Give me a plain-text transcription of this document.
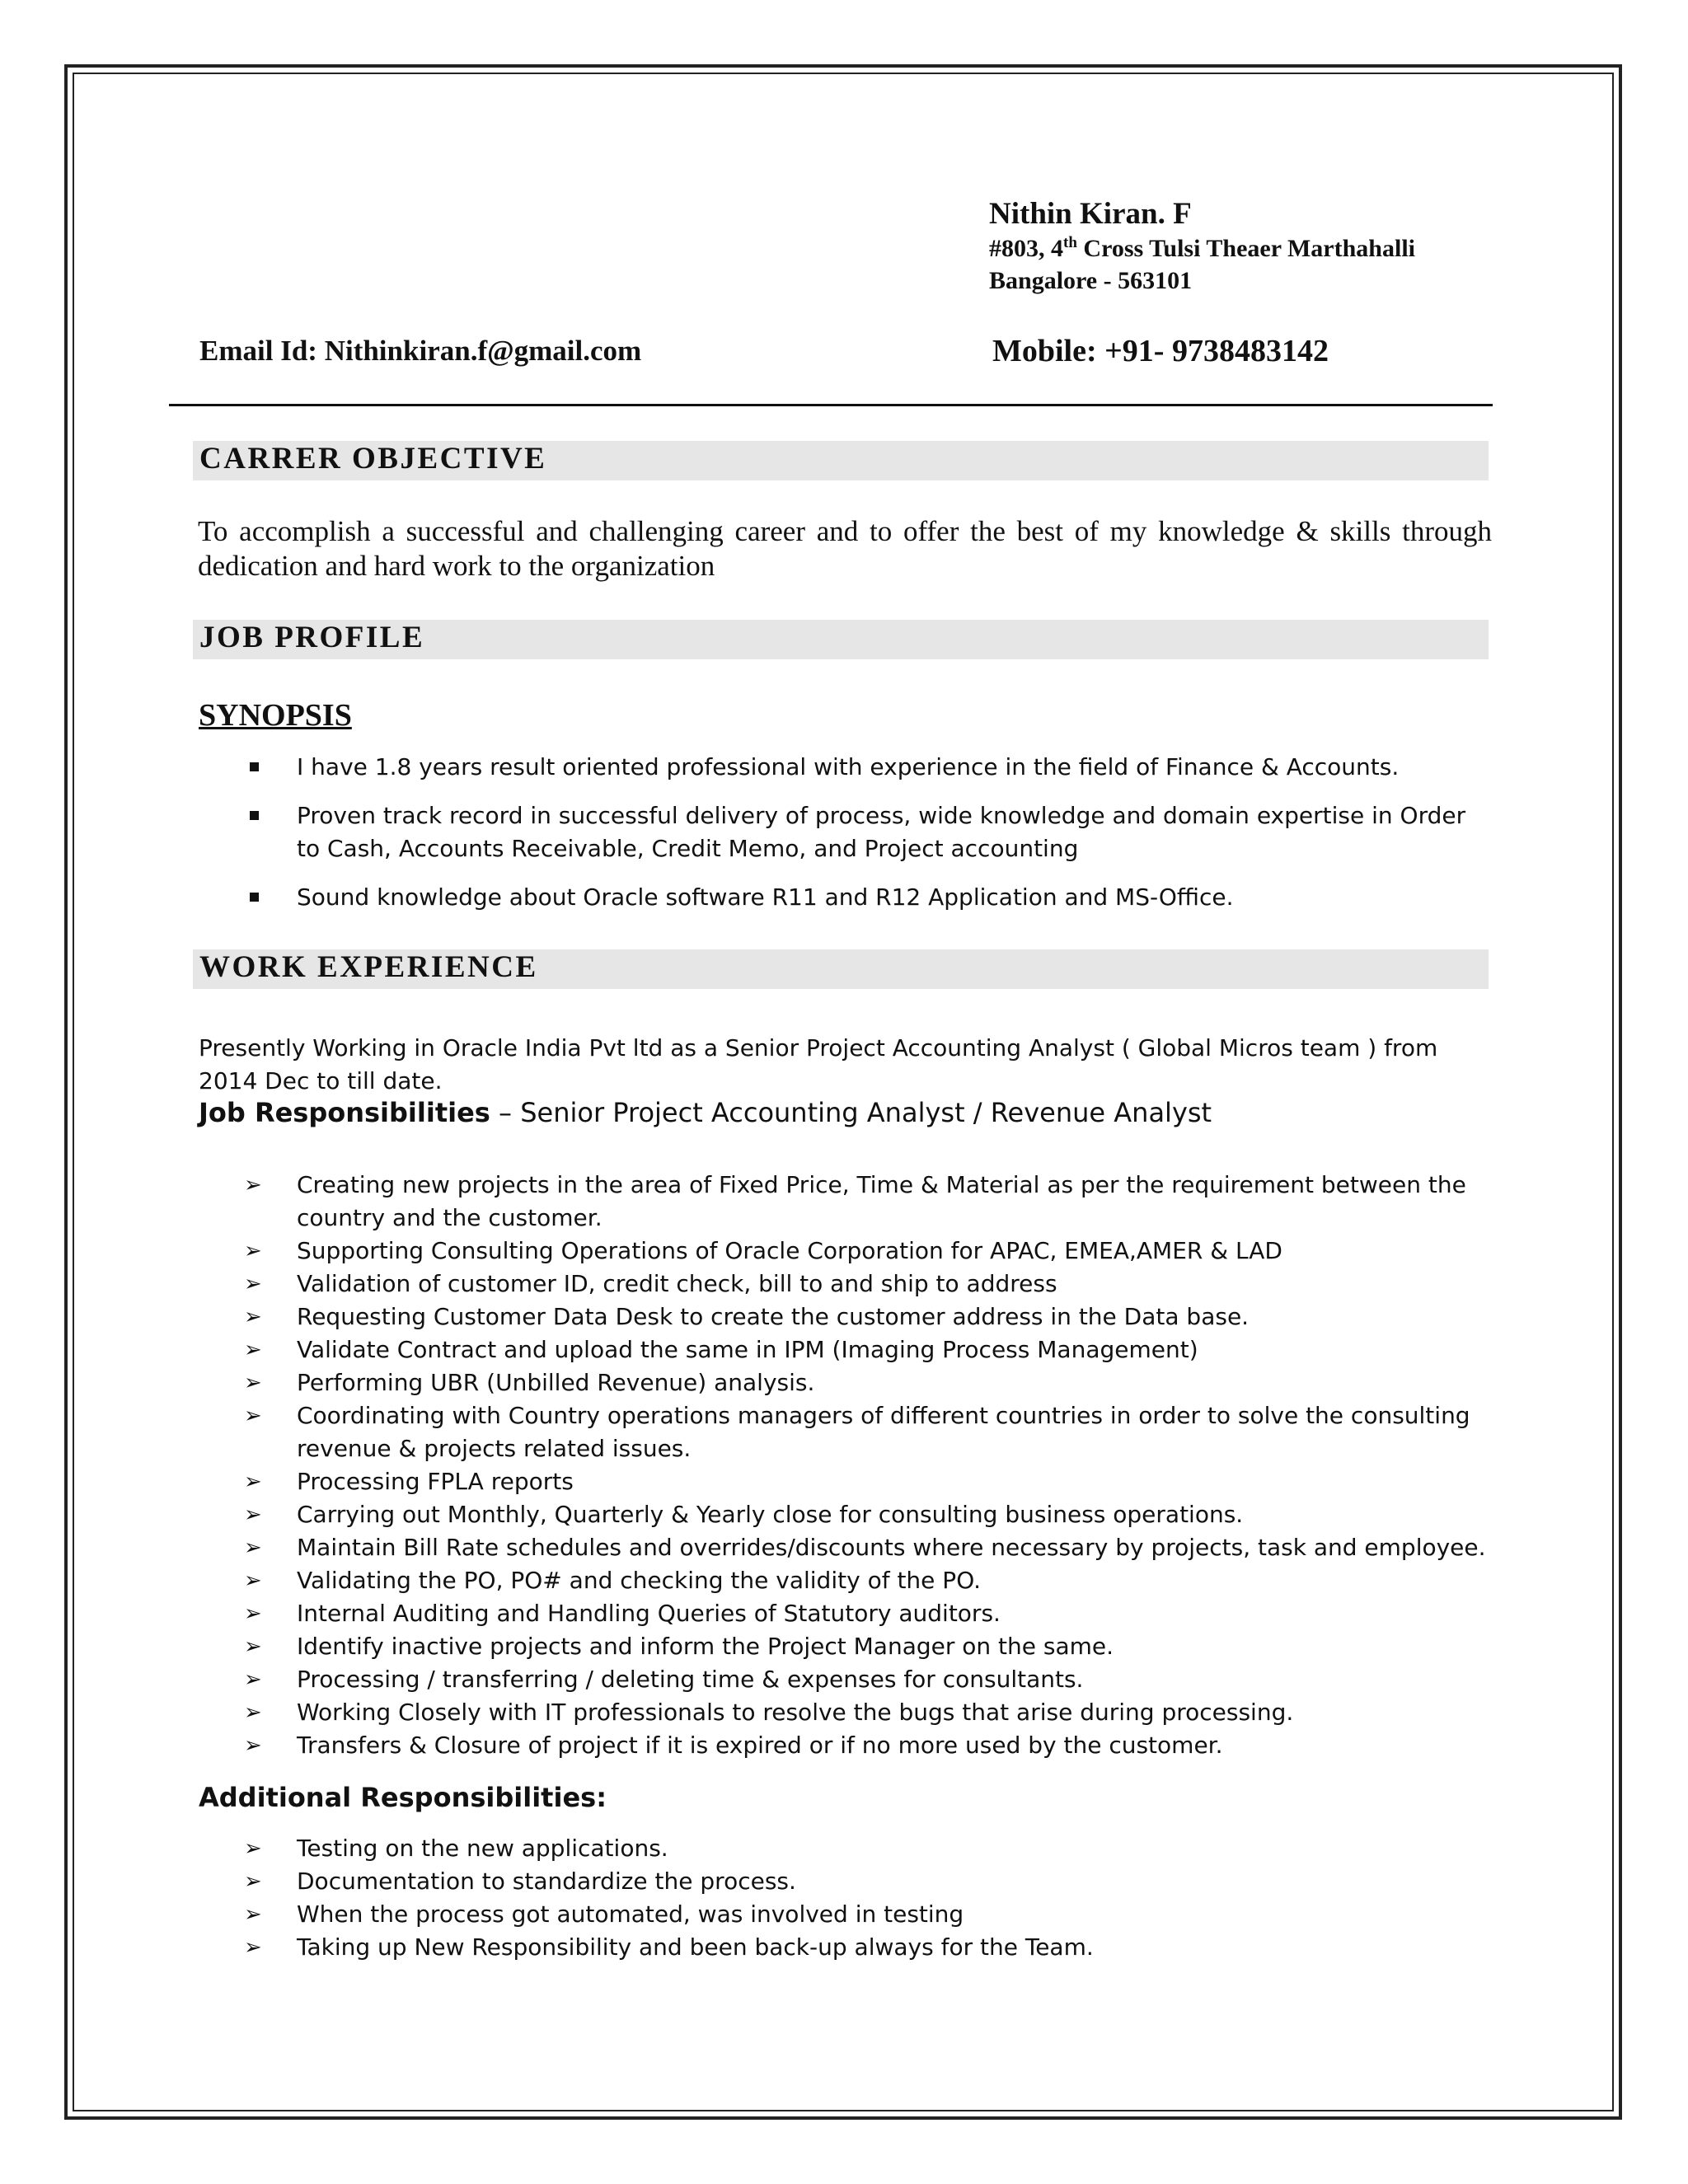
Nithin Kiran. F
#803, 4th Cross Tulsi Theaer Marthahalli
Bangalore - 563101
Email Id: Nithinkiran.f@gmail.com	Mobile: +91- 9738483142
CARRER OBJECTIVE
To accomplish a successful and challenging career and to offer the best of my knowledge & skills through dedication and hard work to the organization
JOB PROFILE
SYNOPSIS
I have 1.8 years result oriented professional with experience in the field of Finance & Accounts.
Proven track record in successful delivery of process, wide knowledge and domain expertise in Order to Cash, Accounts Receivable, Credit Memo, and Project accounting
Sound knowledge about Oracle software R11 and R12 Application and MS-Office.
WORK EXPERIENCE
Presently Working in Oracle India Pvt ltd as a Senior Project Accounting Analyst ( Global Micros team ) from 2014 Dec to till date.
Job Responsibilities – Senior Project Accounting Analyst / Revenue Analyst
➢ Creating new projects in the area of Fixed Price, Time & Material as per the requirement between the country and the customer.
➢ Supporting Consulting Operations of Oracle Corporation for APAC, EMEA,AMER & LAD
➢ Validation of customer ID, credit check, bill to and ship to address
➢ Requesting Customer Data Desk to create the customer address in the Data base.
➢ Validate Contract and upload the same in IPM (Imaging Process Management)
➢ Performing UBR (Unbilled Revenue) analysis.
➢ Coordinating with Country operations managers of different countries in order to solve the consulting revenue & projects related issues.
➢ Processing FPLA reports
➢ Carrying out Monthly, Quarterly & Yearly close for consulting business operations.
➢ Maintain Bill Rate schedules and overrides/discounts where necessary by projects, task and employee.
➢ Validating the PO, PO# and checking the validity of the PO.
➢ Internal Auditing and Handling Queries of Statutory auditors.
➢ Identify inactive projects and inform the Project Manager on the same.
➢ Processing / transferring / deleting time & expenses for consultants.
➢ Working Closely with IT professionals to resolve the bugs that arise during processing.
➢ Transfers & Closure of project if it is expired or if no more used by the customer.
Additional Responsibilities:
➢ Testing on the new applications.
➢ Documentation to standardize the process.
➢ When the process got automated, was involved in testing
➢ Taking up New Responsibility and been back-up always for the Team.
